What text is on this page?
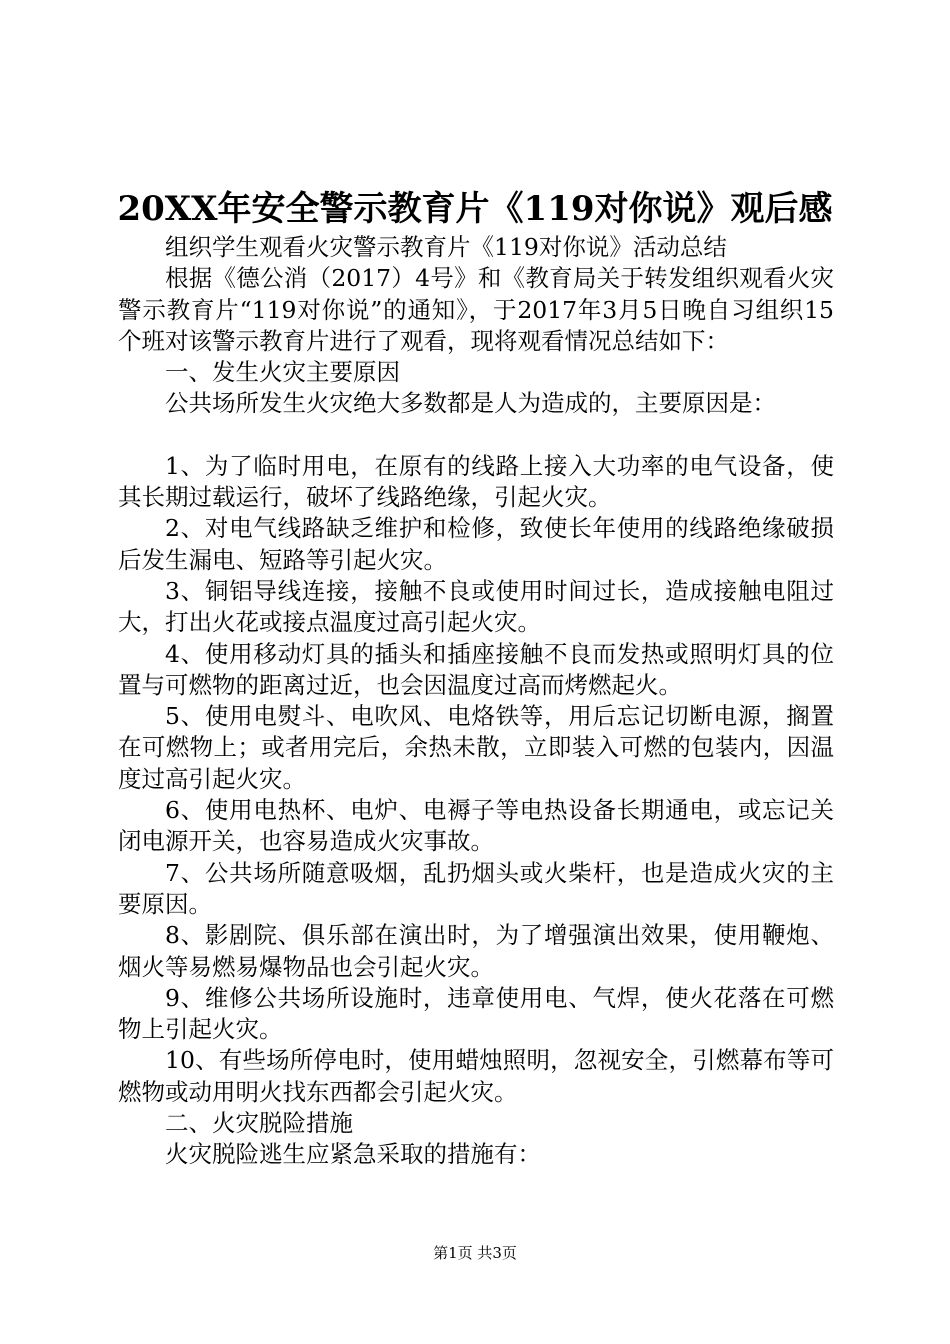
20XX年安全警示教育片《119对你说》观后感

组织学生观看火灾警示教育片《119对你说》活动总结

根据《德公消（2017）4号》和《教育局关于转发组织观看火灾警示教育片“119对你说”的通知》，于2017年3月5日晚自习组织15个班对该警示教育片进行了观看，现将观看情况总结如下：

一、发生火灾主要原因

公共场所发生火灾绝大多数都是人为造成的，主要原因是：

1、为了临时用电，在原有的线路上接入大功率的电气设备，使其长期过载运行，破坏了线路绝缘，引起火灾。

2、对电气线路缺乏维护和检修，致使长年使用的线路绝缘破损后发生漏电、短路等引起火灾。

3、铜铝导线连接，接触不良或使用时间过长，造成接触电阻过大，打出火花或接点温度过高引起火灾。

4、使用移动灯具的插头和插座接触不良而发热或照明灯具的位置与可燃物的距离过近，也会因温度过高而烤燃起火。

5、使用电熨斗、电吹风、电烙铁等，用后忘记切断电源，搁置在可燃物上；或者用完后，余热未散，立即装入可燃的包装内，因温度过高引起火灾。

6、使用电热杯、电炉、电褥子等电热设备长期通电，或忘记关闭电源开关，也容易造成火灾事故。

7、公共场所随意吸烟，乱扔烟头或火柴杆，也是造成火灾的主要原因。

8、影剧院、俱乐部在演出时，为了增强演出效果，使用鞭炮、烟火等易燃易爆物品也会引起火灾。

9、维修公共场所设施时，违章使用电、气焊，使火花落在可燃物上引起火灾。

10、有些场所停电时，使用蜡烛照明，忽视安全，引燃幕布等可燃物或动用明火找东西都会引起火灾。

二、火灾脱险措施

火灾脱险逃生应紧急采取的措施有：

第1页 共3页
